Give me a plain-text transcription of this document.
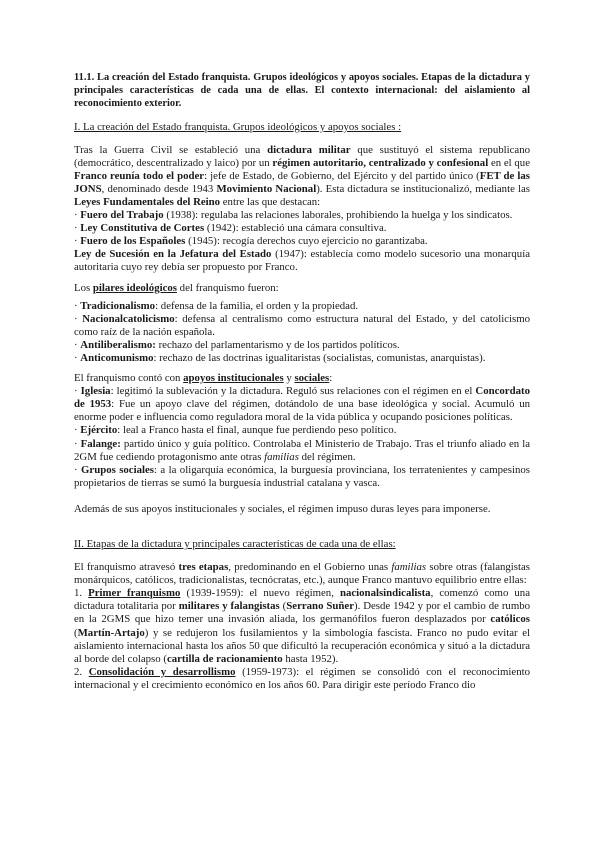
11.1. La creación del Estado franquista. Grupos ideológicos y apoyos sociales. Etapas de la dictadura y principales características de cada una de ellas. El contexto internacional: del aislamiento al reconocimiento exterior.

I. La creación del Estado franquista. Grupos ideológicos y apoyos sociales :

Tras la Guerra Civil se estableció una dictadura militar que sustituyó el sistema republicano (democrático, descentralizado y laico) por un régimen autoritario, centralizado y confesional en el que Franco reunía todo el poder: jefe de Estado, de Gobierno, del Ejército y del partido único (FET de las JONS, denominado desde 1943 Movimiento Nacional). Esta dictadura se institucionalizó, mediante las Leyes Fundamentales del Reino entre las que destacan:

· Fuero del Trabajo (1938): regulaba las relaciones laborales, prohibiendo la huelga y los sindicatos.

· Ley Constitutiva de Cortes (1942): estableció una cámara consultiva.

· Fuero de los Españoles (1945): recogía derechos cuyo ejercicio no garantizaba.

Ley de Sucesión en la Jefatura del Estado (1947): establecía como modelo sucesorio una monarquía autoritaria cuyo rey debía ser propuesto por Franco.

Los pilares ideológicos del franquismo fueron:

· Tradicionalismo: defensa de la familia, el orden y la propiedad.

· Nacionalcatolicismo: defensa al centralismo como estructura natural del Estado, y del catolicismo como raíz de la nación española.

· Antiliberalismo: rechazo del parlamentarismo y de los partidos políticos.

· Anticomunismo: rechazo de las doctrinas igualitaristas (socialistas, comunistas, anarquistas).

El franquismo contó con apoyos institucionales y sociales:

· Iglesia: legitimó la sublevación y la dictadura. Reguló sus relaciones con el régimen en el Concordato de 1953: Fue un apoyo clave del régimen, dotándolo de una base ideológica y social. Acumuló un enorme poder e influencia como reguladora moral de la vida pública y ocupando posiciones políticas.

· Ejército: leal a Franco hasta el final, aunque fue perdiendo peso político.

· Falange: partido único y guía político. Controlaba el Ministerio de Trabajo. Tras el triunfo aliado en la 2GM fue cediendo protagonismo ante otras familias del régimen.

· Grupos sociales: a la oligarquía económica, la burguesía provinciana, los terratenientes y campesinos propietarios de tierras se sumó la burguesía industrial catalana y vasca.

Además de sus apoyos institucionales y sociales, el régimen impuso duras leyes para imponerse.

II. Etapas de la dictadura y principales características de cada una de ellas:

El franquismo atravesó tres etapas, predominando en el Gobierno unas familias sobre otras (falangistas monárquicos, católicos, tradicionalistas, tecnócratas, etc.), aunque Franco mantuvo equilibrio entre ellas:

1. Primer franquismo (1939-1959): el nuevo régimen, nacionalsindicalista, comenzó como una dictadura totalitaria por militares y falangistas (Serrano Suñer). Desde 1942 y por el cambio de rumbo en la 2GMS que hizo temer una invasión aliada, los germanófilos fueron desplazados por católicos (Martín-Artajo) y se redujeron los fusilamientos y la simbología fascista. Franco no pudo evitar el aislamiento internacional hasta los años 50 que dificultó la recuperación económica y situó a la dictadura al borde del colapso (cartilla de racionamiento hasta 1952).

2. Consolidación y desarrollismo (1959-1973): el régimen se consolidó con el reconocimiento internacional y el crecimiento económico en los años 60. Para dirigir este período Franco dio
